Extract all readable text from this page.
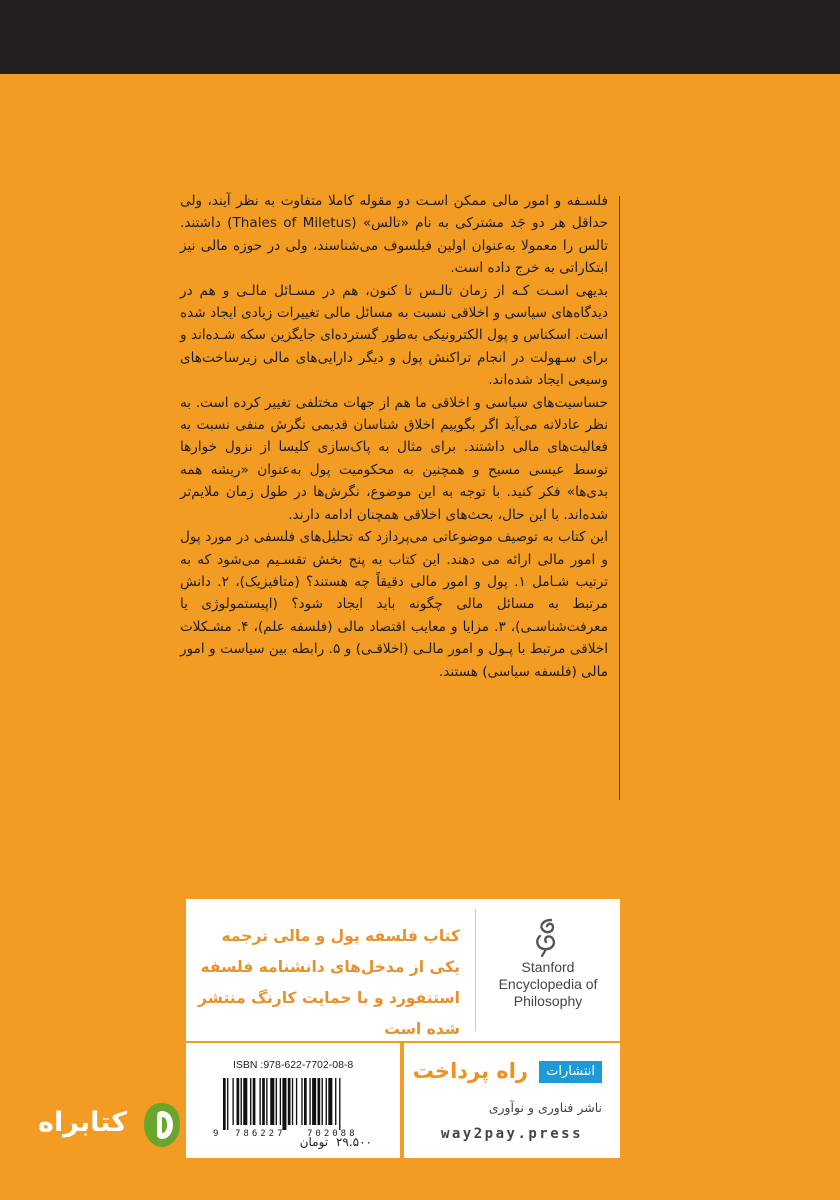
فلسـفه و امور مالی ممکن اسـت دو مقوله کاملا متفاوت به نظر آیند، ولی حداقل هر دو جَد مشترکی به نام «تالس» (Thales of Miletus) داشتند. تالس را معمولا به‌عنوان اولین فیلسوف می‌شناسند، ولی در حوزه مالی نیز ابتکاراتی به خرج داده است.

بدیهی اسـت کـه از زمان تالـس تا کنون، هم در مسـائل مالـی و هم در دیدگاه‌های سیاسی و اخلاقی نسبت به مسائل مالی تغییرات زیادی ایجاد شده است. اسکناس و پول الکترونیکی به‌طور گسترده‌ای جایگزین سکه شـده‌اند و برای سـهولت در انجام تراکنش پول و دیگر دارایی‌های مالی زیرساخت‌های وسیعی ایجاد شده‌اند.

حساسیت‌های سیاسی و اخلاقی ما هم از جهات مختلفی تغییر کرده است. به نظر عادلانه می‌آید اگر بگوییم اخلاق شناسان قدیمی نگرش منفی نسبت به فعالیت‌های مالی داشتند. برای مثال به پاک‌سازی کلیسا از نزول خوارها توسط عیسی مسیح و همچنین به محکومیت پول به‌عنوان «ریشه همه بدی‌ها» فکر کنید. با توجه به این موضوع، نگرش‌ها در طول زمان ملایم‌تر شده‌اند. با این حال، بحث‌های اخلاقی همچنان ادامه دارند.

این کتاب به توصیف موضوعاتی می‌پردازد که تحلیل‌های فلسفی در مورد پول و امور مالی ارائه می‌ دهند. این کتاب به پنج بخش تقسـیم می‌شود که به ترتیب شـامل ۱. پول و امور مالی دقیقاً چه هستند؟ (متافیزیک)، ۲. دانش مرتبط به مسائل مالی چگونه باید ایجاد شود؟ (اپیستمولوژی یا معرفت‌شناسـی)، ۳. مزایا و معایب اقتصاد مالی (فلسفه علم)، ۴. مشـکلات اخلاقی مرتبط با پـول و امور مالـی (اخلاقـی) و ۵. رابطه بین سیاست و امور مالی (فلسفه سیاسی) هستند.

کتاب فلسفه پول و مالی ترجمه یکی از مدخل‌های دانشنامه فلسفه استنفورد و با حمایت کارنگ منتشر شده است
Stanford
Encyclopedia of
Philosophy
ISBN :978-622-7702-08-8
9 786227 702088
۲۹.۵۰۰ تومان
انتشارات
راه پرداخت
ناشر فناوری و نوآوری
way2pay.press
کتابراه
